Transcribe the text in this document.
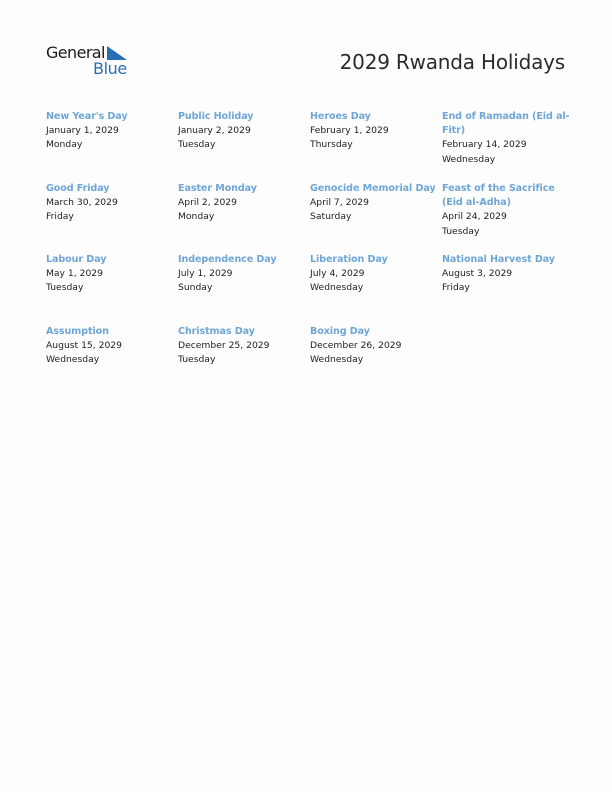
General
Blue	2029 Rwanda Holidays
New Year's Day
January 1, 2029
Monday
Public Holiday
January 2, 2029
Tuesday
Heroes Day
February 1, 2029
Thursday
End of Ramadan (Eid al-Fitr)
February 14, 2029
Wednesday
Good Friday
March 30, 2029
Friday
Easter Monday
April 2, 2029
Monday
Genocide Memorial Day
April 7, 2029
Saturday
Feast of the Sacrifice (Eid al-Adha)
April 24, 2029
Tuesday
Labour Day
May 1, 2029
Tuesday
Independence Day
July 1, 2029
Sunday
Liberation Day
July 4, 2029
Wednesday
National Harvest Day
August 3, 2029
Friday
Assumption
August 15, 2029
Wednesday
Christmas Day
December 25, 2029
Tuesday
Boxing Day
December 26, 2029
Wednesday
